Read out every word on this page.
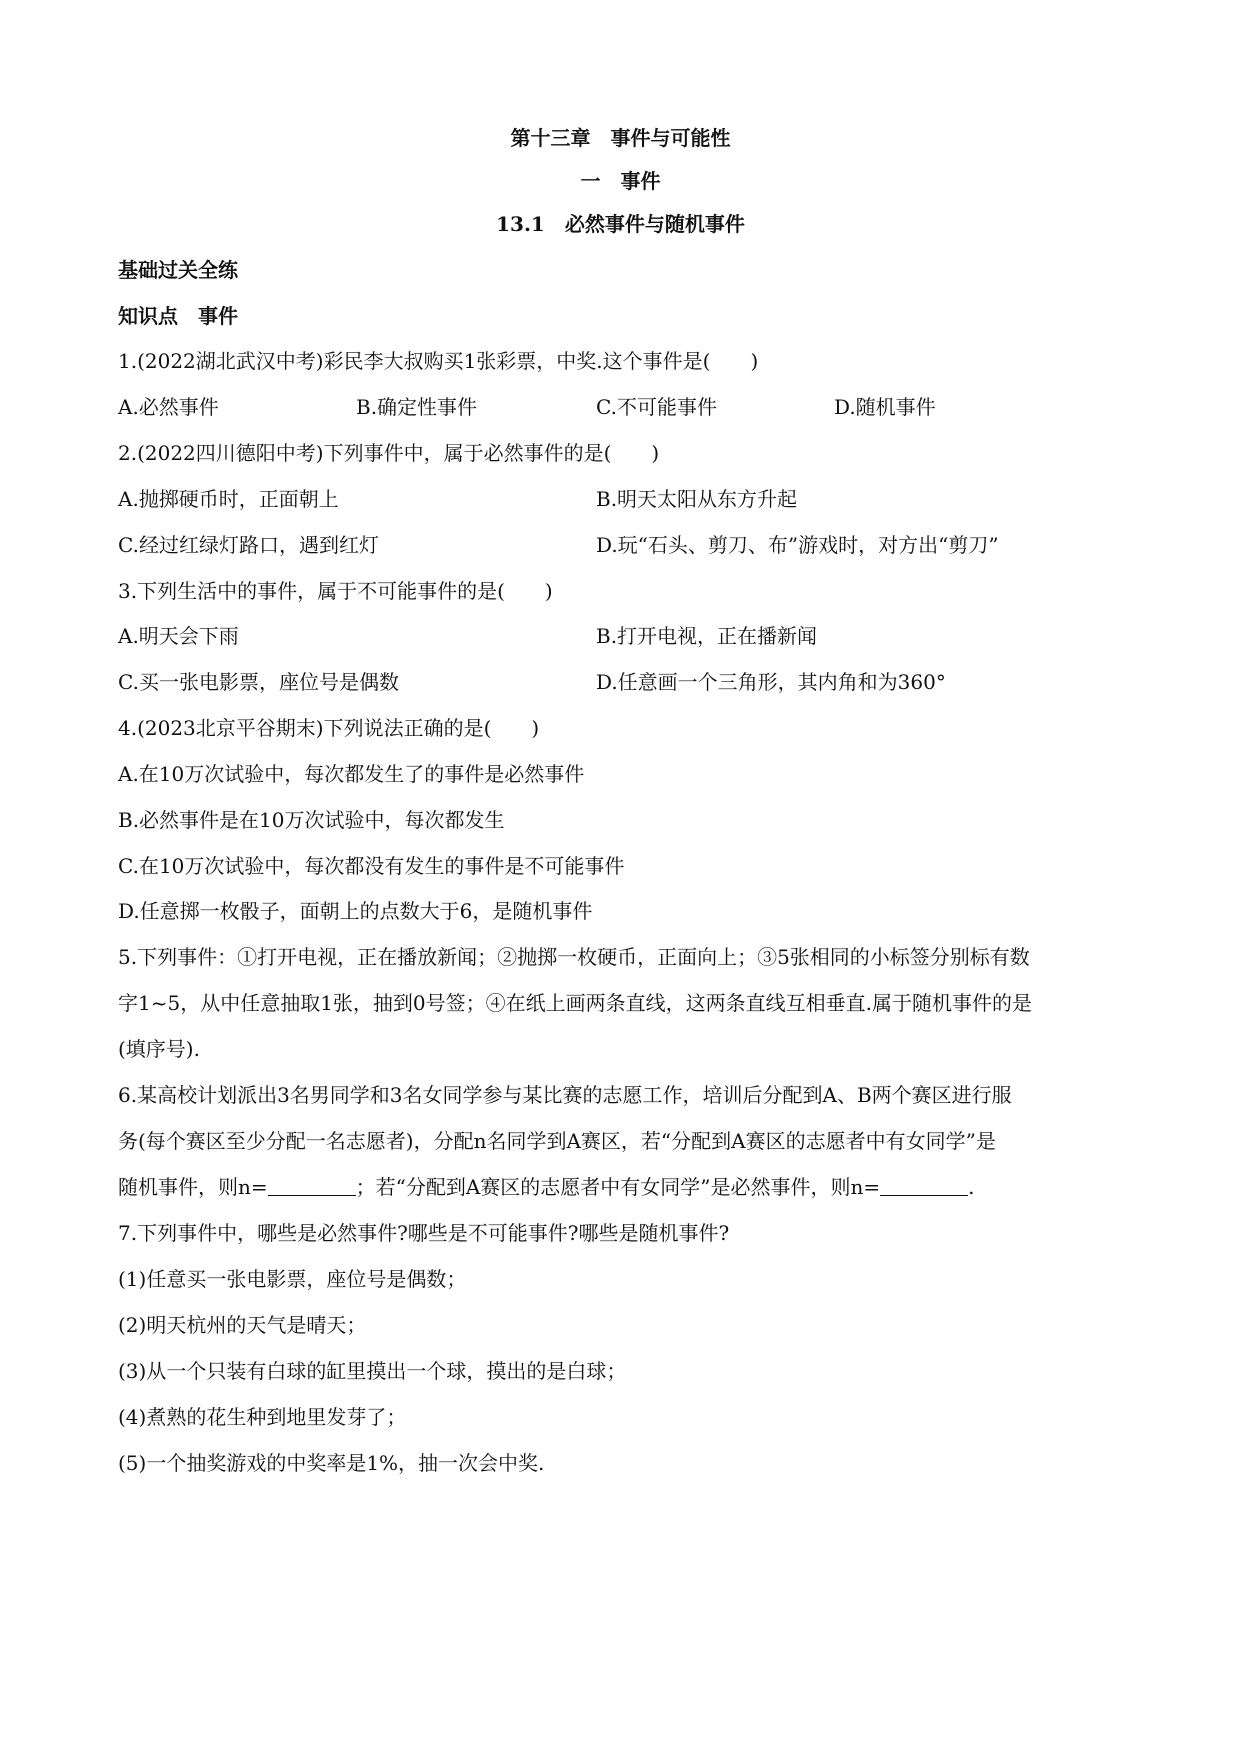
第十三章　事件与可能性
一　事件
13.1　必然事件与随机事件
基础过关全练
知识点　事件
1.(2022湖北武汉中考)彩民李大叔购买1张彩票，中奖.这个事件是(　　)
A.必然事件	B.确定性事件	C.不可能事件	D.随机事件
2.(2022四川德阳中考)下列事件中，属于必然事件的是(　　)
A.抛掷硬币时，正面朝上	B.明天太阳从东方升起
C.经过红绿灯路口，遇到红灯	D.玩“石头、剪刀、布”游戏时，对方出“剪刀”
3.下列生活中的事件，属于不可能事件的是(　　)
A.明天会下雨	B.打开电视，正在播新闻
C.买一张电影票，座位号是偶数	D.任意画一个三角形，其内角和为360°
4.(2023北京平谷期末)下列说法正确的是(　　)
A.在10万次试验中，每次都发生了的事件是必然事件
B.必然事件是在10万次试验中，每次都发生
C.在10万次试验中，每次都没有发生的事件是不可能事件
D.任意掷一枚骰子，面朝上的点数大于6，是随机事件
5.下列事件：①打开电视，正在播放新闻；②抛掷一枚硬币，正面向上；③5张相同的小标签分别标有数
字1~5，从中任意抽取1张，抽到0号签；④在纸上画两条直线，这两条直线互相垂直.属于随机事件的是
(填序号).
6.某高校计划派出3名男同学和3名女同学参与某比赛的志愿工作，培训后分配到A、B两个赛区进行服
务(每个赛区至少分配一名志愿者)，分配n名同学到A赛区，若“分配到A赛区的志愿者中有女同学”是
随机事件，则n=	；若“分配到A赛区的志愿者中有女同学”是必然事件，则n=	.
7.下列事件中，哪些是必然事件?哪些是不可能事件?哪些是随机事件?
(1)任意买一张电影票，座位号是偶数；
(2)明天杭州的天气是晴天；
(3)从一个只装有白球的缸里摸出一个球，摸出的是白球；
(4)煮熟的花生种到地里发芽了；
(5)一个抽奖游戏的中奖率是1%，抽一次会中奖.
